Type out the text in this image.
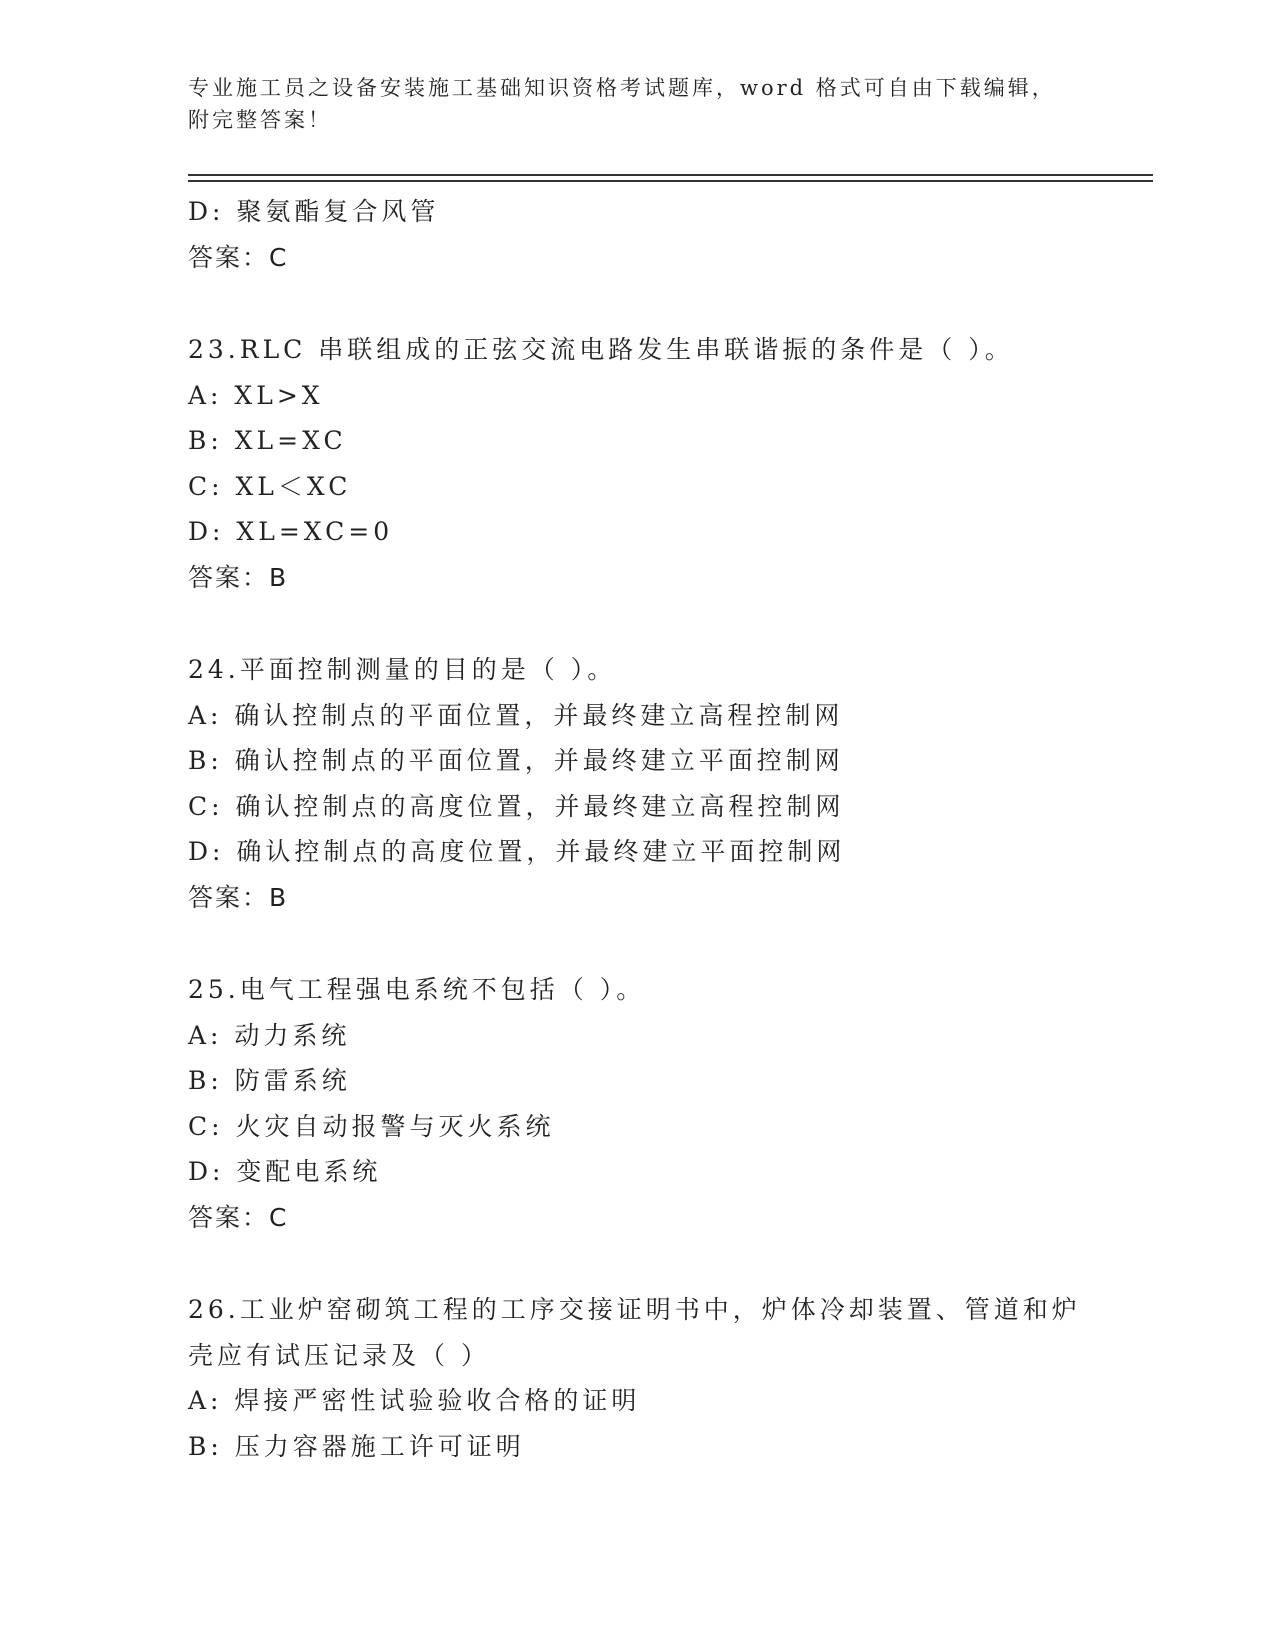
专业施工员之设备安装施工基础知识资格考试题库，word 格式可自由下载编辑，
附完整答案！
D: 聚氨酯复合风管
答案：C
23.RLC 串联组成的正弦交流电路发生串联谐振的条件是（ ）。
A: XL>X
B: XL=XC
C: XL＜XC
D: XL=XC=0
答案：B
24.平面控制测量的目的是（ ）。
A: 确认控制点的平面位置，并最终建立高程控制网
B: 确认控制点的平面位置，并最终建立平面控制网
C: 确认控制点的高度位置，并最终建立高程控制网
D: 确认控制点的高度位置，并最终建立平面控制网
答案：B
25.电气工程强电系统不包括（ ）。
A: 动力系统
B: 防雷系统
C: 火灾自动报警与灭火系统
D: 变配电系统
答案：C
26.工业炉窑砌筑工程的工序交接证明书中，炉体冷却装置、管道和炉
壳应有试压记录及（ ）
A: 焊接严密性试验验收合格的证明
B: 压力容器施工许可证明
